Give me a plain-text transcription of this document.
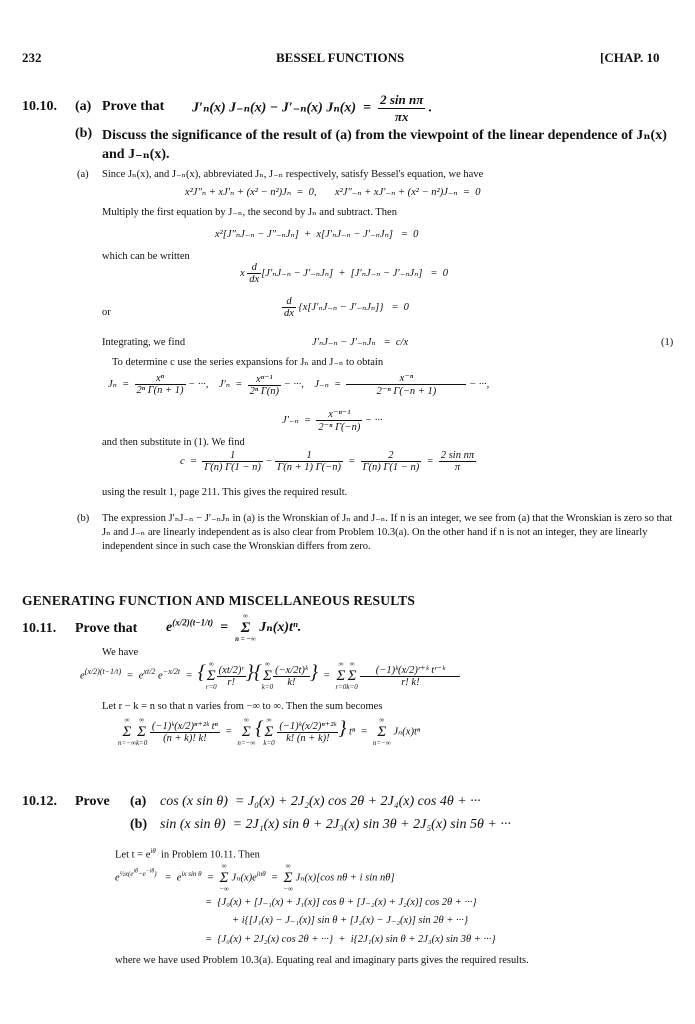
232	BESSEL FUNCTIONS	[CHAP. 10
10.10. (a) Prove that J′ₙ(x) J₋ₙ(x) − J′₋ₙ(x) $J_n(x) = \frac{\text{2 sin nπ}}{\pi x}$ .
(b) Discuss the significance of the result of (a) from the viewpoint of the linear dependence of Jₙ(x) and J₋ₙ(x).
(a) Since Jₙ(x), and J₋ₙ(x), abbreviated Jₙ, J₋ₙ respectively, satisfy Bessel's equation, we have
x²J″ₙ + xJ′ₙ + (x² − n²)Jₙ  =  0,       x²J″₋ₙ + xJ′₋ₙ + (x² − n²)J₋ₙ  =  0
Multiply the first equation by J₋ₙ, the second by Jₙ and subtract. Then
x²[J″ₙJ₋ₙ − J″₋ₙJₙ]  +  x[J′ₙJ₋ₙ − J′₋ₙJₙ]   =  0
which can be written
x $\frac{d}{dx} [J'_nJ_{-n} - J'_{-n}J_n] + [J'_nJ_{-n} - J'_{-n}J_n] = 0$
or	$\frac{d}{dx} \{x[J'_nJ_{-n} - J'_{-n}J_n]\} = 0$
Integrating, we find	J′ₙJ₋ₙ − J′₋ₙJₙ   =  c/x	(1)
To determine c use the series expansions for Jₙ and J₋ₙ to obtain
$J_n = \frac{\text{xⁿ}}{\text{2ⁿ Γ(n + 1)}}$ − ···,    $J'_n = \frac{\text{xⁿ⁻¹}}{\text{2ⁿ Γ(n)}}$ − ···,    $J_{-n} = \frac{\text{x⁻ⁿ}}{\text{2⁻ⁿ Γ(−n + 1)}}$ − ···,
$J'_{-n} = \frac{\text{x⁻ⁿ⁻¹}}{\text{2⁻ⁿ Γ(−n)}}$ − ···
and then substitute in (1). We find
$c = \frac{1}{\Gamma(n) \Gamma(1 - n)} - \frac{1}{\Gamma(n + 1) \Gamma(-n)} = \frac{2}{\Gamma(n) \Gamma(1 - n)} = \frac{\text{2 sin nπ}}{\pi}$
using the result 1, page 211. This gives the required result.
(b) The expression J′ₙJ₋ₙ − J′₋ₙJₙ in (a) is the Wronskian of Jₙ and J₋ₙ. If n is an integer, we see from (a) that the Wronskian is zero so that Jₙ and J₋ₙ are linearly independent as is also clear from Problem 10.3(a). On the other hand if n is not an integer, they are linearly independent since in such case the Wronskian differs from zero.
GENERATING FUNCTION AND MISCELLANEOUS RESULTS
10.11. Prove that $e^{(x/2)(t-1/t)}$  =
∞
Σ
n = −∞
Jₙ(x)tⁿ.
We have
$e^{(x/2)(t-1/t)} = e^{xt/2}$ $e^{-x/2t}$  =  { ∞
Σ
$r=0 \frac{\text{(xt/2)ʳ}}{r!}$ }{ ∞
Σ
$k=0 \frac{\text{(−x/2t)ᵏ}}{k!}$ }  =
∞
Σ
r=0
∞
Σ
k=0
$\frac{\text{(−1)ᵏ(x/2)ʳ⁺ᵏ tʳ⁻ᵏ}}{r! k!}$
Let r − k = n so that n varies from −∞ to ∞. Then the sum becomes
∞
Σ
n=−∞
∞
Σ
k=0
$\frac{\text{(−1)ᵏ(x/2)ⁿ⁺²ᵏ tⁿ}}{(n + k)! k!}$ =
∞
Σ
n=−∞
{ ∞
Σ
k=0
$\frac{\text{(−1)ᵏ(x/2)ⁿ⁺²ᵏ}}{k! (n + k)!}$ } tⁿ  =
∞
Σ
n=−∞
Jₙ(x)tⁿ
10.12. Prove (a) cos (x sin θ)  = J₀(x) + 2J₂(x) cos 2θ + 2J₄(x) cos 4θ + ···
(b) sin (x sin θ)  = 2J₁(x) sin θ + 2J₃(x) sin 3θ + 2J₅(x) sin 5θ + ···
Let $t = e^{i\theta}$ in Problem 10.11. Then
$e^{\frac{1}{2}x(e^{i\theta}-e^{-i\theta})} = e^{ix sin \theta}$  =
∞
Σ
−∞
$J_n(x)e^{in\theta}$  =
∞
Σ
−∞
Jₙ(x)[cos nθ + i sin nθ]
=  {J₀(x) + [J₋₁(x) + J₁(x)] cos θ + [J₋₂(x) + J₂(x)] cos 2θ + ···}
+ i{[J₁(x) − J₋₁(x)] sin θ + [J₂(x) − J₋₂(x)] sin 2θ + ···}
=  {J₀(x) + 2J₂(x) cos 2θ + ···}  +  i{2J₁(x) sin θ + 2J₃(x) sin 3θ + ···}
where we have used Problem 10.3(a). Equating real and imaginary parts gives the required results.
